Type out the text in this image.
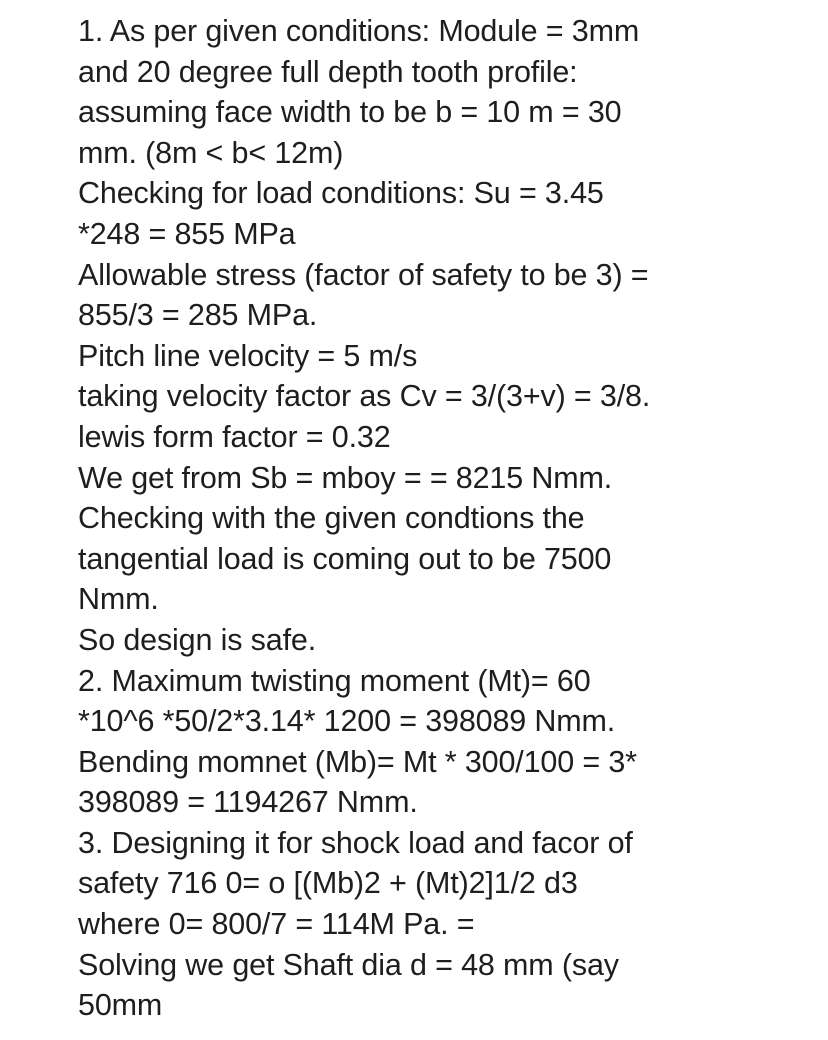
1. As per given conditions: Module = 3mm
and 20 degree full depth tooth profile:
assuming face width to be b = 10 m = 30
mm. (8m < b< 12m)
Checking for load conditions: Su = 3.45
*248 = 855 MPa
Allowable stress (factor of safety to be 3) =
855/3 = 285 MPa.
Pitch line velocity = 5 m/s
taking velocity factor as Cv = 3/(3+v) = 3/8.
lewis form factor = 0.32
We get from Sb = mboy = = 8215 Nmm.
Checking with the given condtions the
tangential load is coming out to be 7500
Nmm.
So design is safe.
2. Maximum twisting moment (Mt)= 60
*10^6 *50/2*3.14* 1200 = 398089 Nmm.
Bending momnet (Mb)= Mt * 300/100 = 3*
398089 = 1194267 Nmm.
3. Designing it for shock load and facor of
safety 716 0= o [(Mb)2 + (Mt)2]1/2 d3
where 0= 800/7 = 114M Pa. =
Solving we get Shaft dia d = 48 mm (say
50mm
